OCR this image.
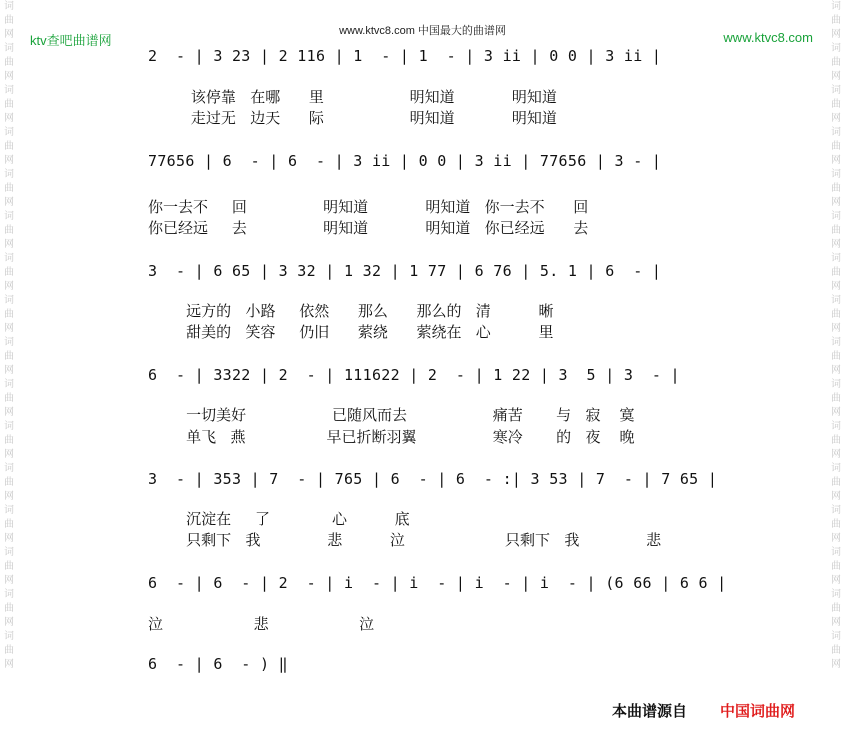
词曲网词曲网词曲网词曲网词曲网词曲网词曲网词曲网词曲网词曲网词曲网词曲网词曲网词曲网词曲网词曲网
词曲网词曲网词曲网词曲网词曲网词曲网词曲网词曲网词曲网词曲网词曲网词曲网词曲网词曲网词曲网词曲网
www.ktvc8.com 中国最大的曲谱网
ktv查吧曲谱网	www.ktvc8.com
2  - | 3 23 | 2 116 | 1  - | 1  - | 3 ii | 0 0 | 3 ii |
该停靠   在哪      里                  明知道            明知道
走过无   边天      际                  明知道            明知道
77656 | 6  - | 6  - | 3 ii | 0 0 | 3 ii | 77656 | 3 - |
你一去不     回                明知道            明知道   你一去不      回
你已经远     去                明知道            明知道   你已经远      去
3  - | 6 65 | 3 32 | 1 32 | 1 77 | 6 76 | 5. 1 | 6  - |
远方的   小路     依然      那么      那么的   清          晰
甜美的   笑容     仍旧      萦绕      萦绕在   心          里
6  - | 3322 | 2  - | 111622 | 2  - | 1 22 | 3  5 | 3  - |
一切美好                  已随风而去                  痛苦       与   寂    寞
单飞   燕                 早已折断羽翼                寒冷       的   夜    晚
3  - | 353 | 7  - | 765 | 6  - | 6  - :| 3 53 | 7  - | 7 65 |
沉淀在     了             心          底
只剩下   我              悲          泣                     只剩下   我              悲
6  - | 6  - | 2  - | i  - | i  - | i  - | i  - | (6 66 | 6 6 |
泣                   悲                   泣
6  - | 6  - ) ‖
本曲谱源自 中国词曲网
